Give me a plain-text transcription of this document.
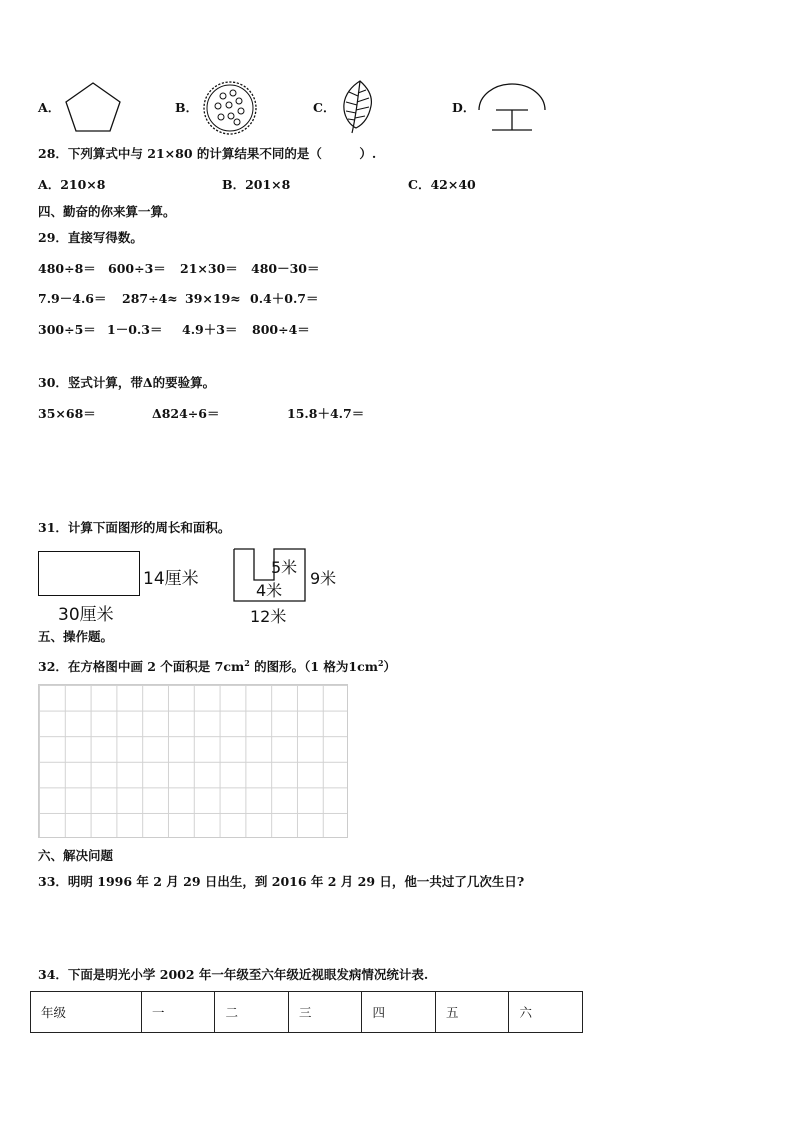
A．	B．	C．	D．
28．下列算式中与 21×80 的计算结果不同的是（　　　）.
A．210×8	B．201×8	C．42×40
四、勤奋的你来算一算。
29．直接写得数。
480÷8＝ 600÷3＝ 21×30＝ 480－30＝
7.9－4.6＝ 287÷4≈ 39×19≈ 0.4＋0.7＝
300÷5＝ 1－0.3＝ 4.9＋3＝ 800÷4＝
30．竖式计算，带Δ的要验算。
35×68＝	Δ824÷6＝	15.8＋4.7＝
31．计算下面图形的周长和面积。
14厘米
30厘米
5米
4米
9米
12米
五、操作题。
32．在方格图中画 2 个面积是 $7cm^2$ 的图形。（1 格为$1cm^2$）
六、解决问题
33．明明 1996 年 2 月 29 日出生，到 2016 年 2 月 29 日，他一共过了几次生日?
34．下面是明光小学 2002 年一年级至六年级近视眼发病情况统计表.
年级	一	二	三	四	五	六
